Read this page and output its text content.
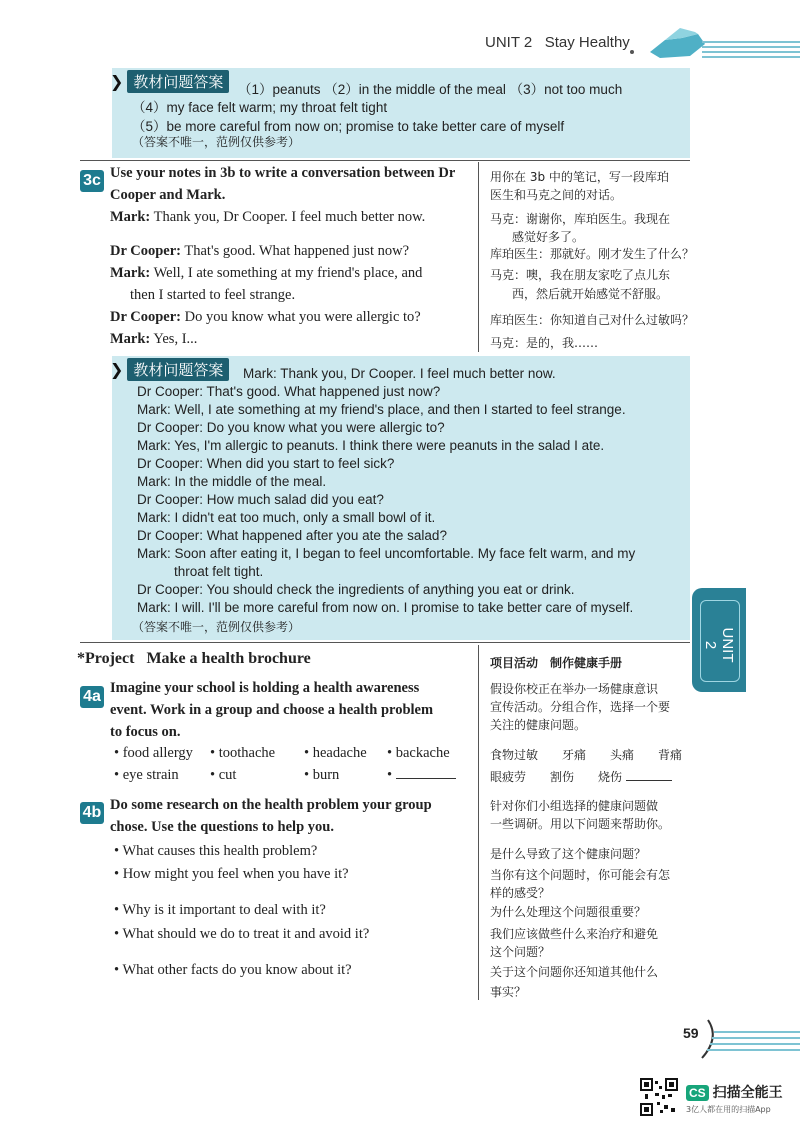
UNIT 2 Stay Healthy
❯ 教材问题答案	（1）peanuts （2）in the middle of the meal （3）not too much
（4）my face felt warm; my throat felt tight
（5）be more careful from now on; promise to take better care of myself
（答案不唯一，范例仅供参考）
3c Use your notes in 3b to write a conversation between Dr
Cooper and Mark.
Mark: Thank you, Dr Cooper. I feel much better now.
Dr Cooper: That's good. What happened just now?
Mark: Well, I ate something at my friend's place, and
then I started to feel strange.
Dr Cooper: Do you know what you were allergic to?
Mark: Yes, I...
用你在 3b 中的笔记，写一段库珀
医生和马克之间的对话。
马克：谢谢你，库珀医生。我现在
感觉好多了。
库珀医生：那就好。刚才发生了什么？
马克：噢，我在朋友家吃了点儿东
西，然后就开始感觉不舒服。
库珀医生：你知道自己对什么过敏吗？
马克：是的，我……
❯ 教材问题答案	Mark: Thank you, Dr Cooper. I feel much better now.
Dr Cooper: That's good. What happened just now?
Mark: Well, I ate something at my friend's place, and then I started to feel strange.
Dr Cooper: Do you know what you were allergic to?
Mark: Yes, I'm allergic to peanuts. I think there were peanuts in the salad I ate.
Dr Cooper: When did you start to feel sick?
Mark: In the middle of the meal.
Dr Cooper: How much salad did you eat?
Mark: I didn't eat too much, only a small bowl of it.
Dr Cooper: What happened after you ate the salad?
Mark: Soon after eating it, I began to feel uncomfortable. My face felt warm, and my
throat felt tight.
Dr Cooper: You should check the ingredients of anything you eat or drink.
Mark: I will. I'll be more careful from now on. I promise to take better care of myself.
（答案不唯一，范例仅供参考）
UNIT 2
*Project Make a health brochure	项目活动　制作健康手册
4a Imagine your school is holding a health awareness
event. Work in a group and choose a health problem
to focus on.
• food allergy • toothache • headache • backache
• eye strain • cut	• burn	•
假设你校正在举办一场健康意识
宣传活动。分组合作，选择一个要
关注的健康问题。
食物过敏　　牙痛　　头痛　　背痛
眼疲劳　　割伤　　烧伤
4b Do some research on the health problem your group
chose. Use the questions to help you.
• What causes this health problem?
• How might you feel when you have it?
• Why is it important to deal with it?
• What should we do to treat it and avoid it?
• What other facts do you know about it?
针对你们小组选择的健康问题做
一些调研。用以下问题来帮助你。
是什么导致了这个健康问题？
当你有这个问题时，你可能会有怎
样的感受？
为什么处理这个问题很重要？
我们应该做些什么来治疗和避免
这个问题？
关于这个问题你还知道其他什么
事实？
59
CS 扫描全能王
3亿人都在用的扫描App
